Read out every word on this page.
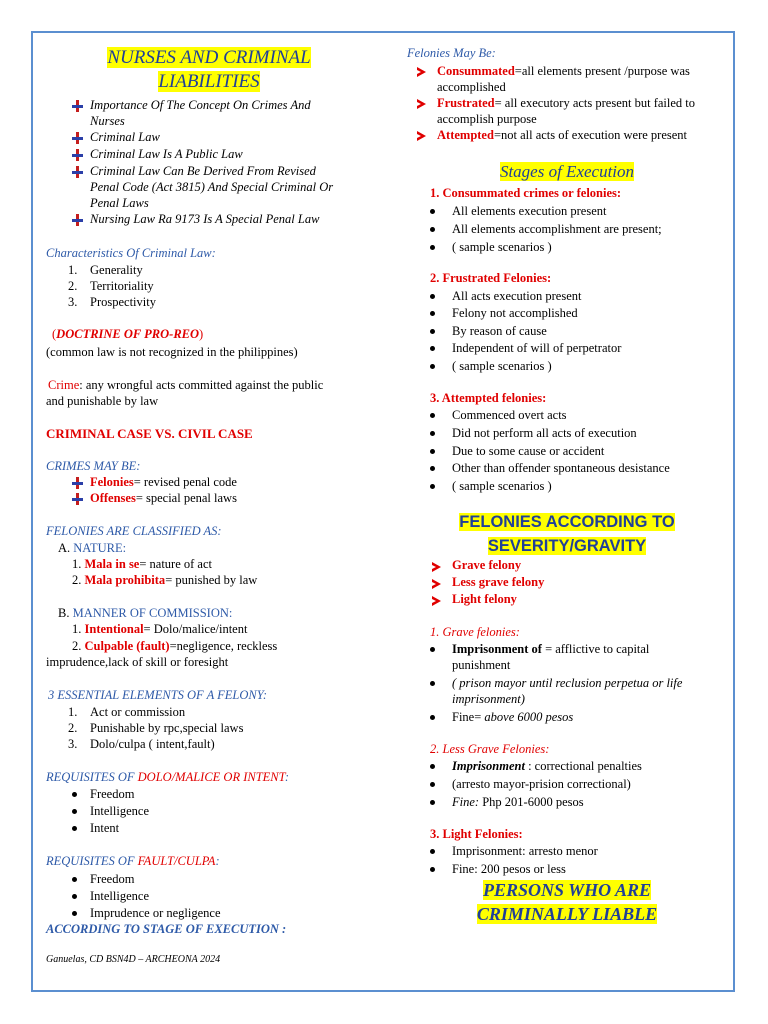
NURSES AND CRIMINAL
LIABILITIES
Importance Of The Concept On Crimes And
Nurses
Criminal Law
Criminal Law Is A Public Law
Criminal Law Can Be Derived From Revised
Penal Code (Act 3815) And Special Criminal Or
Penal Laws
Nursing Law Ra 9173 Is A Special Penal Law
Characteristics Of Criminal Law:
1. Generality
2. Territoriality
3. Prospectivity
(DOCTRINE OF PRO-REO)
(common law is not recognized in the philippines)
Crime: any wrongful acts committed against the public
and punishable by law
CRIMINAL CASE VS. CIVIL CASE
CRIMES MAY BE:
Felonies= revised penal code
Offenses= special penal laws
FELONIES ARE CLASSIFIED AS:
A. NATURE:
1. Mala in se= nature of act
2. Mala prohibita= punished by law
B. MANNER OF COMMISSION:
1. Intentional= Dolo/malice/intent
2. Culpable (fault)=negligence, reckless
imprudence,lack of skill or foresight
3 ESSENTIAL ELEMENTS OF A FELONY:
1. Act or commission
2. Punishable by rpc,special laws
3. Dolo/culpa ( intent,fault)
REQUISITES OF DOLO/MALICE OR INTENT:
Freedom
Intelligence
Intent
REQUISITES OF FAULT/CULPA:
Freedom
Intelligence
Imprudence or negligence
ACCORDING TO STAGE OF EXECUTION :
Ganuelas, CD BSN4D – ARCHEONA 2024
Felonies May Be:
Consummated=all elements present /purpose was
accomplished
Frustrated= all executory acts present but failed to
accomplish purpose
Attempted=not all acts of execution were present
Stages of Execution
1. Consummated crimes or felonies:
All elements execution present
All elements accomplishment are present;
( sample scenarios )
2. Frustrated Felonies:
All acts execution present
Felony not accomplished
By reason of cause
Independent of will of perpetrator
( sample scenarios )
3. Attempted felonies:
Commenced overt acts
Did not perform all acts of execution
Due to some cause or accident
Other than offender spontaneous desistance
( sample scenarios )
FELONIES ACCORDING TO
SEVERITY/GRAVITY
Grave felony
Less grave felony
Light felony
1. Grave felonies:
Imprisonment of = afflictive to capital
punishment
( prison mayor until reclusion perpetua or life
imprisonment)
Fine= above 6000 pesos
2. Less Grave Felonies:
Imprisonment : correctional penalties
(arresto mayor-prision correctional)
Fine: Php 201-6000 pesos
3. Light Felonies:
Imprisonment: arresto menor
Fine: 200 pesos or less
PERSONS WHO ARE
CRIMINALLY LIABLE
